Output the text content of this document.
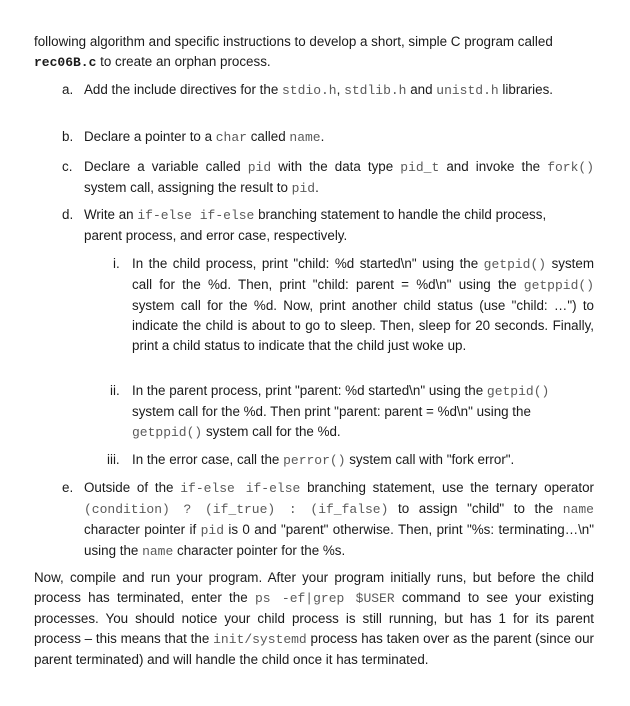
following algorithm and specific instructions to develop a short, simple C program called rec06B.c to create an orphan process.
a. Add the include directives for the stdio.h, stdlib.h and unistd.h libraries.
b. Declare a pointer to a char called name.
c. Declare a variable called pid with the data type pid_t and invoke the fork() system call, assigning the result to pid.
d. Write an if-else if-else branching statement to handle the child process, parent process, and error case, respectively.
i. In the child process, print "child: %d started\n" using the getpid() system call for the %d. Then, print "child: parent = %d\n" using the getppid() system call for the %d. Now, print another child status (use "child: …") to indicate the child is about to go to sleep. Then, sleep for 20 seconds. Finally, print a child status to indicate that the child just woke up.
ii. In the parent process, print "parent: %d started\n" using the getpid() system call for the %d. Then print "parent: parent = %d\n" using the getppid() system call for the %d.
iii. In the error case, call the perror() system call with "fork error".
e. Outside of the if-else if-else branching statement, use the ternary operator (condition) ? (if_true) : (if_false) to assign "child" to the name character pointer if pid is 0 and "parent" otherwise. Then, print "%s: terminating…\n" using the name character pointer for the %s.
Now, compile and run your program. After your program initially runs, but before the child process has terminated, enter the ps -ef|grep $USER command to see your existing processes. You should notice your child process is still running, but has 1 for its parent process – this means that the init/systemd process has taken over as the parent (since our parent terminated) and will handle the child once it has terminated.
